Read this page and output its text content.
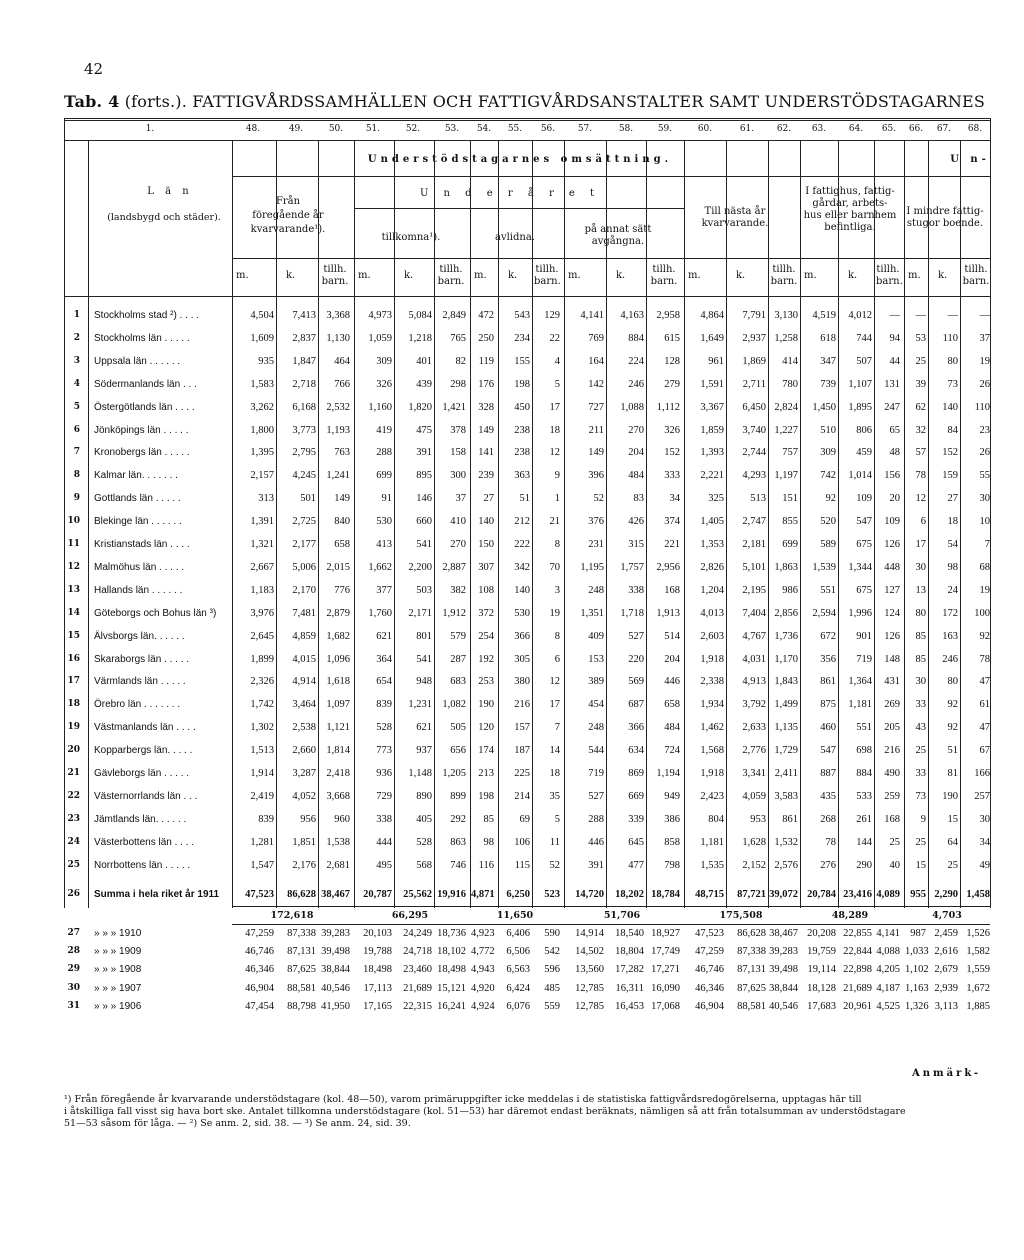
42
Tab. 4 (forts.). FATTIGVÅRDSSAMHÄLLEN OCH FATTIGVÅRDSANSTALTER SAMT UNDERSTÖDSTAGARNES
L ä n
(landsbygd och städer).
Understödstagarnes omsättning.	U n-
Från
föregående år
kvarvarande¹).
U n d e r å r e t
tillkomna¹).	avlidna.
på annat sätt
avgångna.
Till nästa år
kvarvarande.
I fattighus, fattig-
gårdar, arbets-
hus eller barnhem
befintliga.
I mindre fattig-
stugor boende.
1.	48.	49.	50.	51.	52.	53.	54.	55.	56.	57.	58.	59.	60.	61.	62.	63.	64.	65.	66.	67.	68.
m.	k.
tillh.
barn.
m.	k.
tillh.
barn.
m.	k.
tillh.
barn.
m.	k.
tillh.
barn.
m.	k.
tillh.
barn.
m.	k.
tillh.
barn.
m.	k.
tillh.
barn.
1 Stockholms stad ²) . . . .	4,504	7,413 3,368	4,973	5,084 2,849	472	543	129	4,141	4,163	2,958	4,864	7,791 3,130	4,519	4,012	—	—	—	—
2 Stockholms län . . . . .	1,609	2,837 1,130	1,059	1,218	765	250	234	22	769	884	615	1,649	2,937 1,258	618	744	94	53	110	37
3 Uppsala län . . . . . .	935	1,847	464	309	401	82	119	155	4	164	224	128	961	1,869	414	347	507	44	25	80	19
4 Södermanlands län . . .	1,583	2,718	766	326	439	298	176	198	5	142	246	279	1,591	2,711	780	739	1,107	131	39	73	26
5 Östergötlands län . . . .	3,262	6,168 2,532	1,160	1,820 1,421	328	450	17	727	1,088	1,112	3,367	6,450 2,824	1,450	1,895	247	62	140	110
6 Jönköpings län . . . . .	1,800	3,773 1,193	419	475	378	149	238	18	211	270	326	1,859	3,740 1,227	510	806	65	32	84	23
7 Kronobergs län . . . . .	1,395	2,795	763	288	391	158	141	238	12	149	204	152	1,393	2,744	757	309	459	48	57	152	26
8 Kalmar län. . . . . . .	2,157	4,245 1,241	699	895	300	239	363	9	396	484	333	2,221	4,293 1,197	742	1,014	156	78	159	55
9 Gottlands län . . . . .	313	501	149	91	146	37	27	51	1	52	83	34	325	513	151	92	109	20	12	27	30
10 Blekinge län . . . . . .	1,391	2,725	840	530	660	410	140	212	21	376	426	374	1,405	2,747	855	520	547	109	6	18	10
11 Kristianstads län . . . .	1,321	2,177	658	413	541	270	150	222	8	231	315	221	1,353	2,181	699	589	675	126	17	54	7
12 Malmöhus län . . . . .	2,667	5,006 2,015	1,662	2,200 2,887	307	342	70	1,195	1,757	2,956	2,826	5,101 1,863	1,539	1,344	448	30	98	68
13 Hallands län . . . . . .	1,183	2,170	776	377	503	382	108	140	3	248	338	168	1,204	2,195	986	551	675	127	13	24	19
14 Göteborgs och Bohus län ³)	3,976	7,481 2,879	1,760	2,171 1,912	372	530	19	1,351	1,718	1,913	4,013	7,404 2,856	2,594	1,996	124	80	172	100
15 Älvsborgs län. . . . . .	2,645	4,859 1,682	621	801	579	254	366	8	409	527	514	2,603	4,767 1,736	672	901	126	85	163	92
16 Skaraborgs län . . . . .	1,899	4,015 1,096	364	541	287	192	305	6	153	220	204	1,918	4,031 1,170	356	719	148	85	246	78
17 Värmlands län . . . . .	2,326	4,914 1,618	654	948	683	253	380	12	389	569	446	2,338	4,913 1,843	861	1,364	431	30	80	47
18 Örebro län . . . . . . .	1,742	3,464 1,097	839	1,231 1,082	190	216	17	454	687	658	1,934	3,792 1,499	875	1,181	269	33	92	61
19 Västmanlands län . . . .	1,302	2,538 1,121	528	621	505	120	157	7	248	366	484	1,462	2,633 1,135	460	551	205	43	92	47
20 Kopparbergs län. . . . .	1,513	2,660 1,814	773	937	656	174	187	14	544	634	724	1,568	2,776 1,729	547	698	216	25	51	67
21 Gävleborgs län . . . . .	1,914	3,287 2,418	936	1,148 1,205	213	225	18	719	869	1,194	1,918	3,341 2,411	887	884	490	33	81	166
22 Västernorrlands län . . .	2,419	4,052 3,668	729	890	899	198	214	35	527	669	949	2,423	4,059 3,583	435	533	259	73	190	257
23 Jämtlands län. . . . . .	839	956	960	338	405	292	85	69	5	288	339	386	804	953	861	268	261	168	9	15	30
24 Västerbottens län . . . .	1,281	1,851 1,538	444	528	863	98	106	11	446	645	858	1,181	1,628 1,532	78	144	25	25	64	34
25 Norrbottens län . . . . .	1,547	2,176 2,681	495	568	746	116	115	52	391	477	798	1,535	2,152 2,576	276	290	40	15	25	49
26 Summa i hela riket år 1911	47,523	86,628 38,467	20,787	25,562 19,916 4,871	6,250	523	14,720	18,202 18,784	48,715	87,721 39,072 20,784 23,416 4,089 955 2,290 1,458
172,618	66,295	11,650	51,706	175,508	48,289	4,703
27 » » » 1910	47,259	87,338 39,283	20,103	24,249 18,736 4,923	6,406	590	14,914	18,540 18,927	47,523	86,628 38,467 20,208 22,855 4,141 987 2,459 1,526
28 » » » 1909	46,746	87,131 39,498	19,788	24,718 18,102 4,772	6,506	542	14,502	18,804 17,749	47,259	87,338 39,283 19,759 22,844 4,088 1,033 2,616 1,582
29 » » » 1908	46,346	87,625 38,844	18,498	23,460 18,498 4,943	6,563	596	13,560	17,282 17,271	46,746	87,131 39,498 19,114 22,898 4,205 1,102 2,679 1,559
30 » » » 1907	46,904	88,581 40,546	17,113	21,689 15,121 4,920	6,424	485	12,785	16,311 16,090	46,346	87,625 38,844 18,128 21,689 4,187 1,163 2,939 1,672
31 » » » 1906	47,454	88,798 41,950	17,165	22,315 16,241 4,924	6,076	559	12,785	16,453 17,068	46,904	88,581 40,546 17,683 20,961 4,525 1,326 3,113 1,885
Anmärk-
¹) Från föregående år kvarvarande understödstagare (kol. 48—50), varom primäruppgifter icke meddelas i de statistiska fattigvårdsredogörelserna, upptagas här till
i åtskilliga fall visst sig hava bort ske. Antalet tillkomna understödstagare (kol. 51—53) har däremot endast beräknats, nämligen så att från totalsumman av understödstagare
51—53 såsom för låga. — ²) Se anm. 2, sid. 38. — ³) Se anm. 24, sid. 39.
